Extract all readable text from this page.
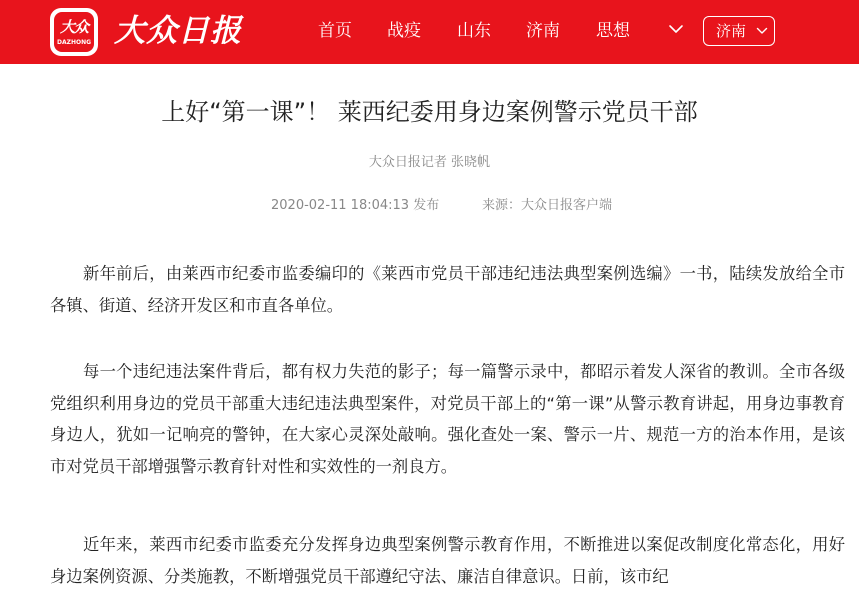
大众
DAZHONG 大众日报	首页 战疫 山东 济南 思想	济南
上好“第一课”！ 莱西纪委用身边案例警示党员干部
大众日报记者 张晓帆
2020-02-11 18:04:13 发布	来源：大众日报客户端

新年前后，由莱西市纪委市监委编印的《莱西市党员干部违纪违法典型案例选编》一书，陆续发放给全市各镇、街道、经济开发区和市直各单位。

每一个违纪违法案件背后，都有权力失范的影子；每一篇警示录中，都昭示着发人深省的教训。全市各级党组织利用身边的党员干部重大违纪违法典型案件，对党员干部上的“第一课”从警示教育讲起，用身边事教育身边人，犹如一记响亮的警钟，在大家心灵深处敲响。强化查处一案、警示一片、规范一方的治本作用，是该市对党员干部增强警示教育针对性和实效性的一剂良方。

近年来，莱西市纪委市监委充分发挥身边典型案例警示教育作用，不断推进以案促改制度化常态化，用好身边案例资源、分类施教，不断增强党员干部遵纪守法、廉洁自律意识。日前，该市纪
